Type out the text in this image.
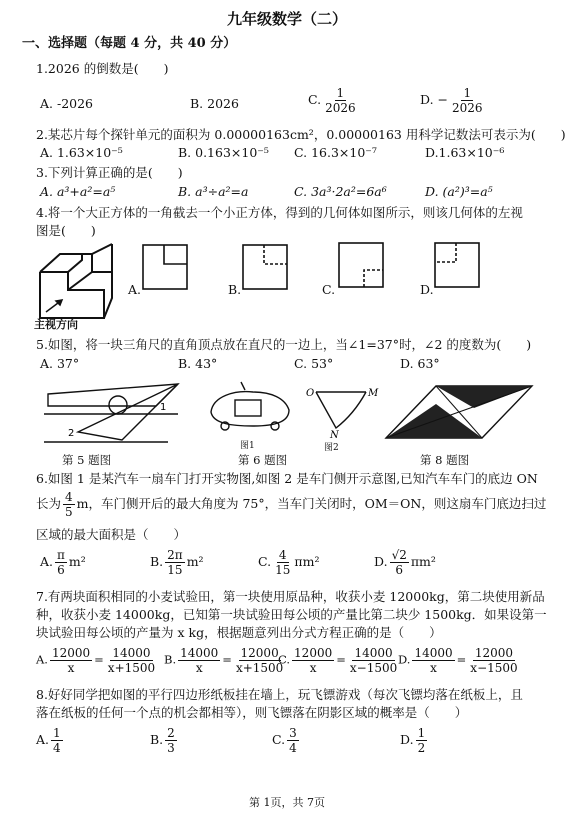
九年级数学（二）
一、选择题（每题 4 分，共 40 分）
1.2026 的倒数是(　　)
A. -2026	B. 2026	C. $\frac{1}{2026}$	D. − $\frac{1}{2026}$
2.某芯片每个探针单元的面积为 0.00000163cm²，0.00000163 用科学记数法可表示为(　　)
A. 1.63×10⁻⁵	B. 0.163×10⁻⁵ C. 16.3×10⁻⁷	D.1.63×10⁻⁶
3.下列计算正确的是(　　)
A. a³+a²=a⁵	B. a³÷a²=a	C. 3a³·2a²=6a⁶	D. (a²)³=a⁵
4.将一个大正方体的一角截去一个小正方体，得到的几何体如图所示，则该几何体的左视
图是(　　)
主视方向
A.	B.	C.	D.
5.如图，将一块三角尺的直角顶点放在直尺的一边上，当∠1=37°时，∠2 的度数为(　　)
A. 37°	B. 43°	C. 53°	D. 63°
1
2
图1
O	M
N
图2
第 5 题图	第 6 题图	第 8 题图
6.如图 1 是某汽车一扇车门打开实物图,如图 2 是车门侧开示意图,已知汽车车门的底边 ON
长为 $\frac{4}{5}$ m，车门侧开后的最大角度为 75°，当车门关闭时，OM＝ON，则这扇车门底边扫过
区域的最大面积是（　　）
A. $\frac{\pi}{6} m^2$	B. $\frac{2\pi}{15} m^2$	C. $\frac{4}{15} \pi m^2$	D. $\frac{√2}{6} \pi m^2$
7.有两块面积相同的小麦试验田，第一块使用原品种，收获小麦 12000kg，第二块使用新品
种，收获小麦 14000kg，已知第一块试验田每公顷的产量比第二块少 1500kg．如果设第一
块试验田每公顷的产量为 x kg，根据题意列出分式方程正确的是（　　）
A. $\frac{12000}{x} = \frac{14000}{x+1500} B$. $\frac{14000}{x} = \frac{12000}{x+1500}$
C. $\frac{12000}{x} = \frac{14000}{x-1500}$
D. $\frac{14000}{x} = \frac{12000}{x-1500}$
8.好好同学把如图的平行四边形纸板挂在墙上，玩飞镖游戏（每次飞镖均落在纸板上，且
落在纸板的任何一个点的机会都相等），则飞镖落在阴影区域的概率是（　　）
A. $\frac{1}{4}$	B. $\frac{2}{3}$	C. $\frac{3}{4}$	D. $\frac{1}{2}$
第 1页，共 7页
